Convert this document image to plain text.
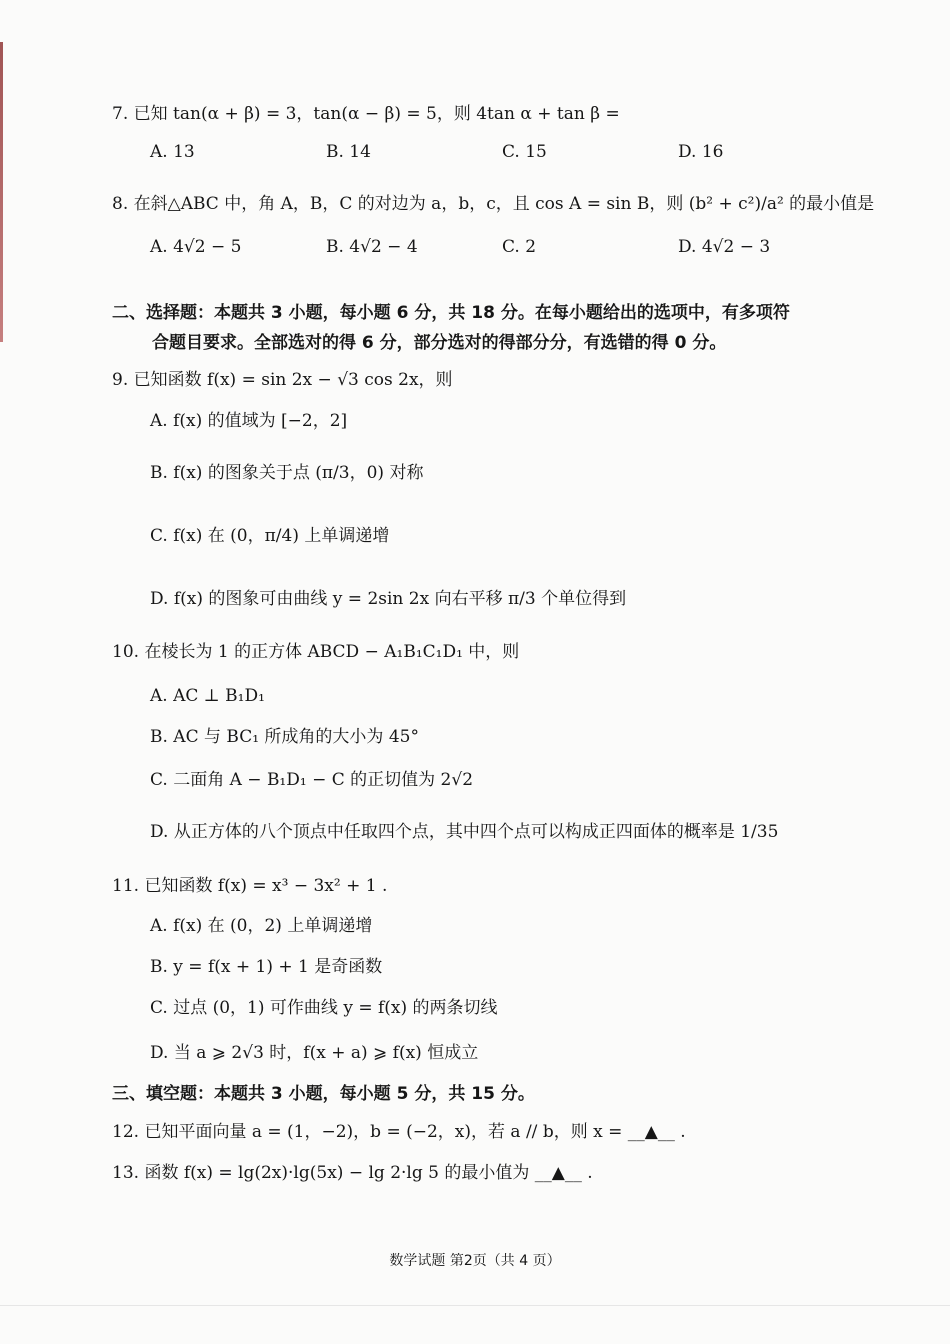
7. 已知 tan(α + β) = 3，tan(α − β) = 5，则 4tan α + tan β =
A. 13	B. 14	C. 15	D. 16
8. 在斜△ABC 中，角 A，B，C 的对边为 a，b，c，且 cos A = sin B，则 (b² + c²)/a² 的最小值是
A. 4√2 − 5	B. 4√2 − 4	C. 2	D. 4√2 − 3
二、选择题：本题共 3 小题，每小题 6 分，共 18 分。在每小题给出的选项中，有多项符
合题目要求。全部选对的得 6 分，部分选对的得部分分，有选错的得 0 分。
9. 已知函数 f(x) = sin 2x − √3 cos 2x，则
A. f(x) 的值域为 [−2，2]
B. f(x) 的图象关于点 (π/3，0) 对称
C. f(x) 在 (0，π/4) 上单调递增
D. f(x) 的图象可由曲线 y = 2sin 2x 向右平移 π/3 个单位得到
10. 在棱长为 1 的正方体 ABCD − A₁B₁C₁D₁ 中，则
A. AC ⊥ B₁D₁
B. AC 与 BC₁ 所成角的大小为 45°
C. 二面角 A − B₁D₁ − C 的正切值为 2√2
D. 从正方体的八个顶点中任取四个点，其中四个点可以构成正四面体的概率是 1/35
11. 已知函数 f(x) = x³ − 3x² + 1 .
A. f(x) 在 (0，2) 上单调递增
B. y = f(x + 1) + 1 是奇函数
C. 过点 (0，1) 可作曲线 y = f(x) 的两条切线
D. 当 a ⩾ 2√3 时，f(x + a) ⩾ f(x) 恒成立
三、填空题：本题共 3 小题，每小题 5 分，共 15 分。
12. 已知平面向量 a = (1，−2)，b = (−2，x)，若 a // b，则 x = __▲__ .
13. 函数 f(x) = lg(2x)·lg(5x) − lg 2·lg 5 的最小值为 __▲__ .
数学试题 第2页（共 4 页）
